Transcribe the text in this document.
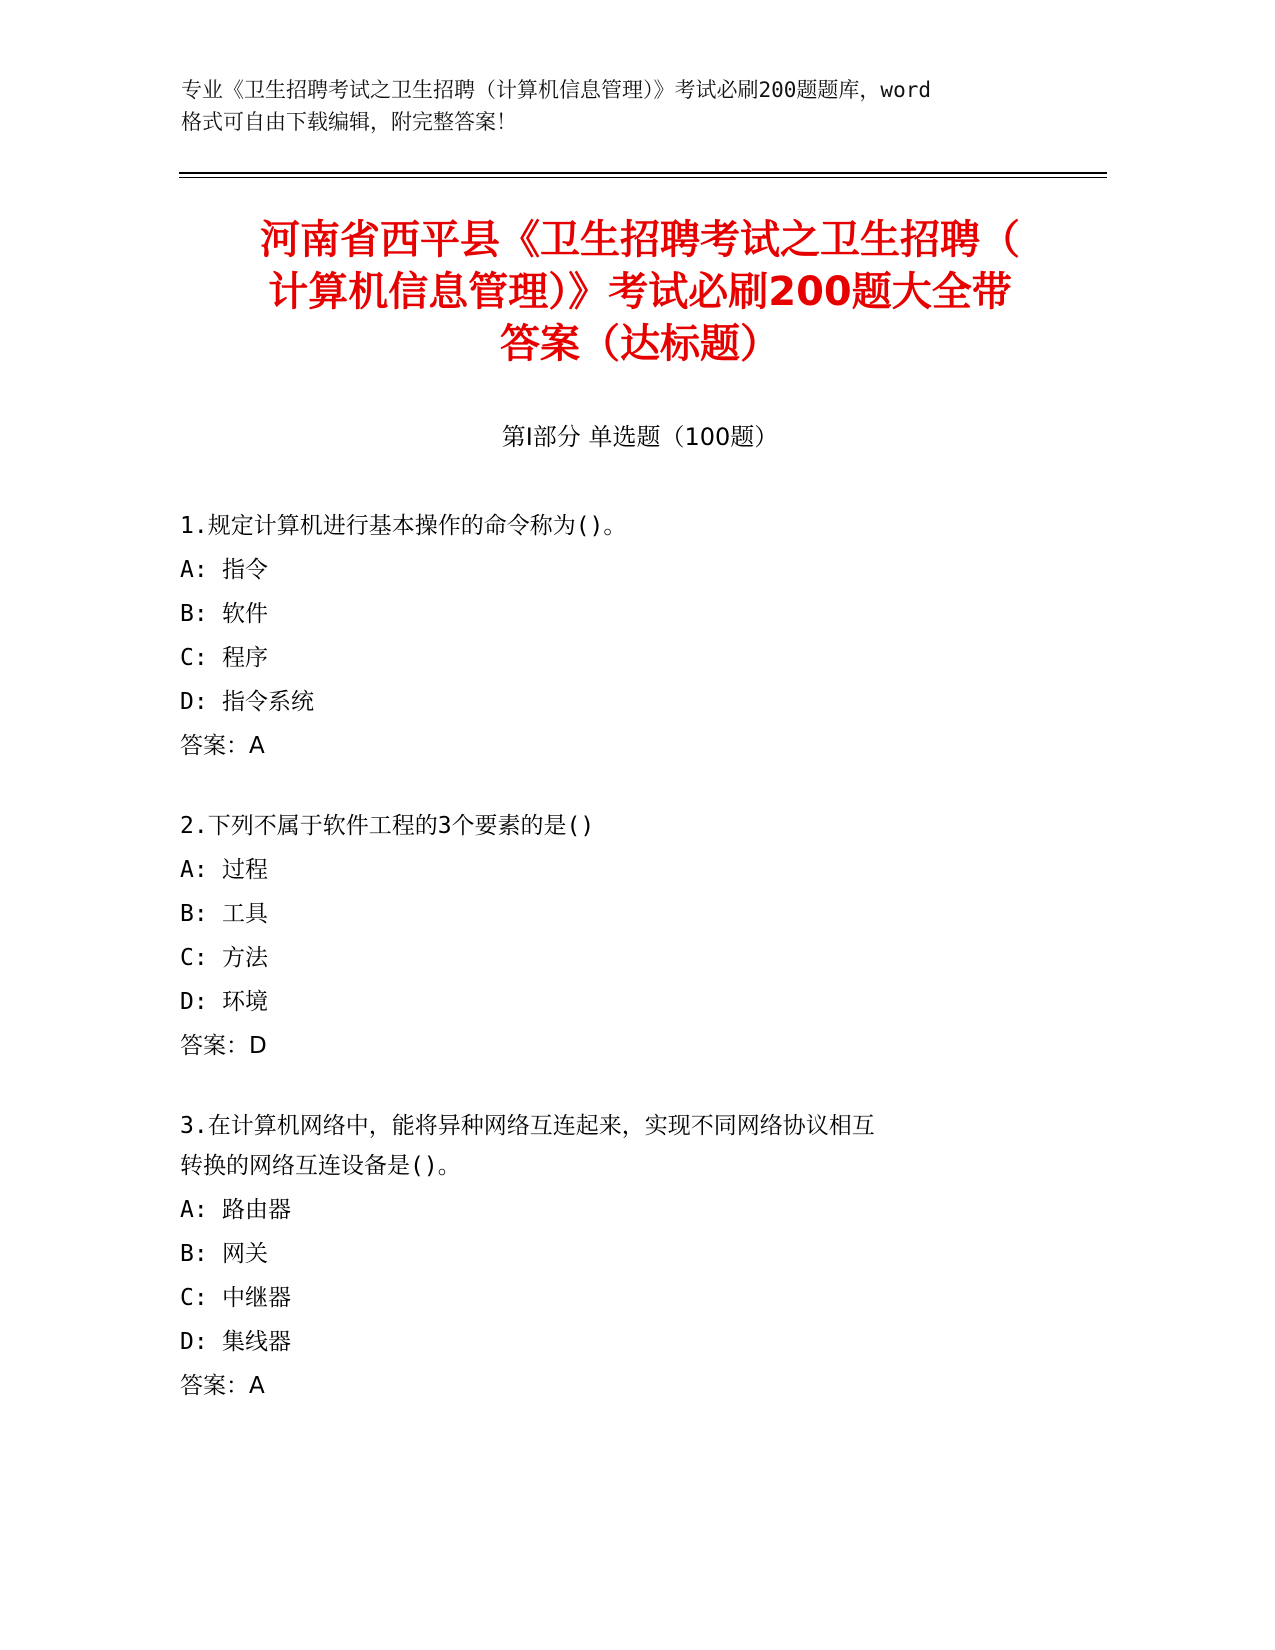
专业《卫生招聘考试之卫生招聘（计算机信息管理）》考试必刷200题题库，word
格式可自由下载编辑，附完整答案！
河南省西平县《卫生招聘考试之卫生招聘（
计算机信息管理）》考试必刷200题大全带
答案（达标题）
第Ⅰ部分 单选题（100题）
1.规定计算机进行基本操作的命令称为()。
A: 指令
B: 软件
C: 程序
D: 指令系统
答案：A
2.下列不属于软件工程的3个要素的是()
A: 过程
B: 工具
C: 方法
D: 环境
答案：D
3.在计算机网络中，能将异种网络互连起来，实现不同网络协议相互
转换的网络互连设备是()。
A: 路由器
B: 网关
C: 中继器
D: 集线器
答案：A
